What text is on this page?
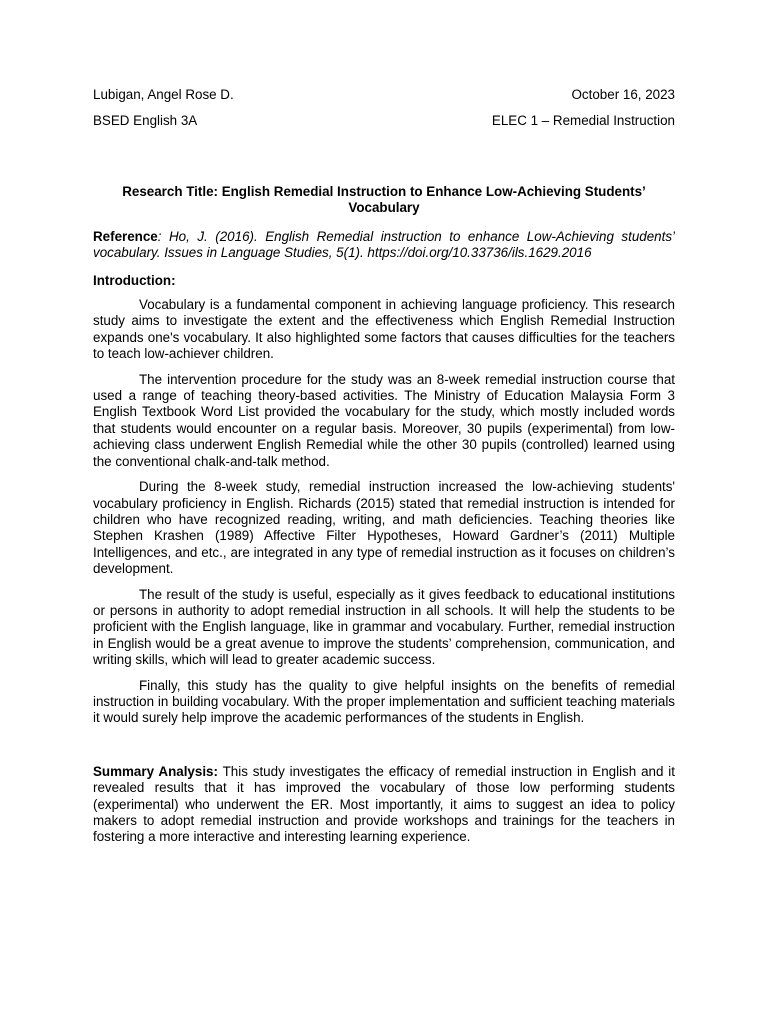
Lubigan, Angel Rose D.	October 16, 2023
BSED English 3A	ELEC 1 – Remedial Instruction
Research Title: English Remedial Instruction to Enhance Low-Achieving Students’ Vocabulary
Reference: Ho, J. (2016). English Remedial instruction to enhance Low-Achieving students’ vocabulary. Issues in Language Studies, 5(1). https://doi.org/10.33736/ils.1629.2016
Introduction:

Vocabulary is a fundamental component in achieving language proficiency. This research study aims to investigate the extent and the effectiveness which English Remedial Instruction expands one's vocabulary. It also highlighted some factors that causes difficulties for the teachers to teach low-achiever children.

The intervention procedure for the study was an 8-week remedial instruction course that used a range of teaching theory-based activities. The Ministry of Education Malaysia Form 3 English Textbook Word List provided the vocabulary for the study, which mostly included words that students would encounter on a regular basis. Moreover, 30 pupils (experimental) from low- achieving class underwent English Remedial while the other 30 pupils (controlled) learned using the conventional chalk-and-talk method.

During the 8-week study, remedial instruction increased the low-achieving students' vocabulary proficiency in English. Richards (2015) stated that remedial instruction is intended for children who have recognized reading, writing, and math deficiencies. Teaching theories like Stephen Krashen (1989) Affective Filter Hypotheses, Howard Gardner’s (2011) Multiple Intelligences, and etc., are integrated in any type of remedial instruction as it focuses on children’s development.

The result of the study is useful, especially as it gives feedback to educational institutions or persons in authority to adopt remedial instruction in all schools. It will help the students to be proficient with the English language, like in grammar and vocabulary. Further, remedial instruction in English would be a great avenue to improve the students’ comprehension, communication, and writing skills, which will lead to greater academic success.

Finally, this study has the quality to give helpful insights on the benefits of remedial instruction in building vocabulary. With the proper implementation and sufficient teaching materials it would surely help improve the academic performances of the students in English.

Summary Analysis: This study investigates the efficacy of remedial instruction in English and it revealed results that it has improved the vocabulary of those low performing students (experimental) who underwent the ER. Most importantly, it aims to suggest an idea to policy makers to adopt remedial instruction and provide workshops and trainings for the teachers in fostering a more interactive and interesting learning experience.
